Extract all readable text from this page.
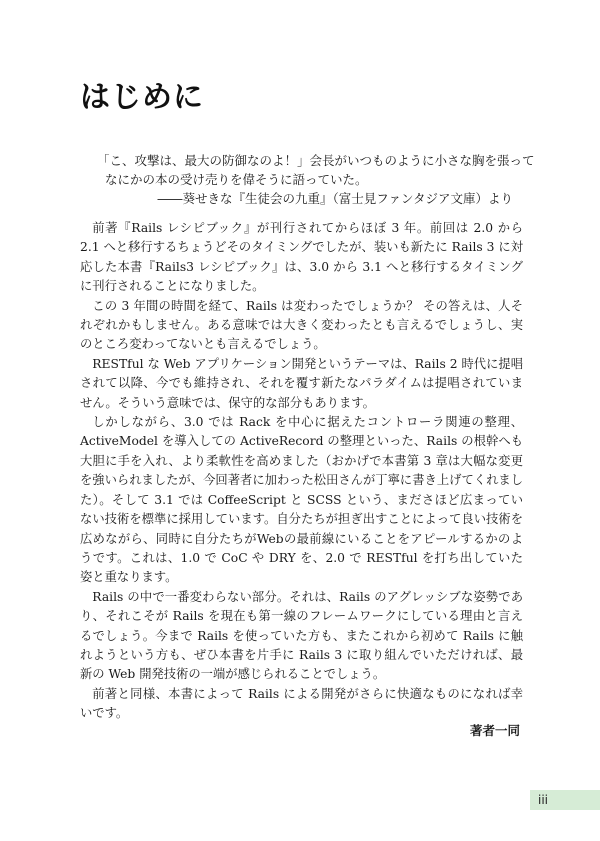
はじめに

「こ、攻撃は、最大の防御なのよ！」会長がいつものように小さな胸を張って

なにかの本の受け売りを偉そうに語っていた。

――葵せきな『生徒会の九重』（富士見ファンタジア文庫）より

前著『Rails レシピブック』が刊行されてからほぼ 3 年。前回は 2.0 から 2.1 へと移行するちょうどそのタイミングでしたが、装いも新たに Rails 3 に対応した本書『Rails3 レシピブック』は、3.0 から 3.1 へと移行するタイミングに刊行されることになりました。

この 3 年間の時間を経て、Rails は変わったでしょうか？ その答えは、人それぞれかもしません。ある意味では大きく変わったとも言えるでしょうし、実のところ変わってないとも言えるでしょう。

RESTful な Web アプリケーション開発というテーマは、Rails 2 時代に提唱されて以降、今でも維持され、それを覆す新たなパラダイムは提唱されていません。そういう意味では、保守的な部分もあります。

しかしながら、3.0 では Rack を中心に据えたコントローラ関連の整理、ActiveModel を導入しての ActiveRecord の整理といった、Rails の根幹へも大胆に手を入れ、より柔軟性を高めました（おかげで本書第 3 章は大幅な変更を強いられましたが、今回著者に加わった松田さんが丁寧に書き上げてくれました）。そして 3.1 では CoffeeScript と SCSS という、まださほど広まっていない技術を標準に採用しています。自分たちが担ぎ出すことによって良い技術を広めながら、同時に自分たちがWebの最前線にいることをアピールするかのようです。これは、1.0 で CoC や DRY を、2.0 で RESTful を打ち出していた姿と重なります。

Rails の中で一番変わらない部分。それは、Rails のアグレッシブな姿勢であり、それこそが Rails を現在も第一線のフレームワークにしている理由と言えるでしょう。今まで Rails を使っていた方も、またこれから初めて Rails に触れようという方も、ぜひ本書を片手に Rails 3 に取り組んでいただければ、最新の Web 開発技術の一端が感じられることでしょう。

前著と同様、本書によって Rails による開発がさらに快適なものになれば幸いです。

著者一同

iii
